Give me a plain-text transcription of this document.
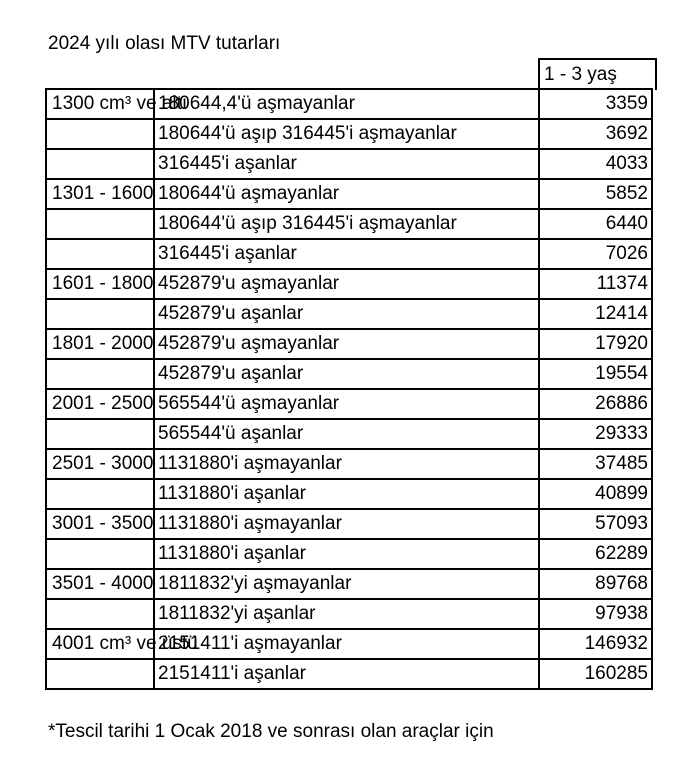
2024 yılı olası MTV tutarları
1 - 3 yaş
1300 cm³ ve altı	180644,4'ü aşmayanlar	3359
	180644'ü aşıp 316445'i aşmayanlar	3692
	316445'i aşanlar	4033
1301 - 1600	180644'ü aşmayanlar	5852
	180644'ü aşıp 316445'i aşmayanlar	6440
	316445'i aşanlar	7026
1601 - 1800	452879'u aşmayanlar	11374
	452879'u aşanlar	12414
1801 - 2000	452879'u aşmayanlar	17920
	452879'u aşanlar	19554
2001 - 2500	565544'ü aşmayanlar	26886
	565544'ü aşanlar	29333
2501 - 3000	1131880'i aşmayanlar	37485
	1131880'i aşanlar	40899
3001 - 3500	1131880'i aşmayanlar	57093
	1131880'i aşanlar	62289
3501 - 4000	1811832'yi aşmayanlar	89768
	1811832'yi aşanlar	97938
4001 cm³ ve üstü	2151411'i aşmayanlar	146932
	2151411'i aşanlar	160285
*Tescil tarihi 1 Ocak 2018 ve sonrası olan araçlar için
